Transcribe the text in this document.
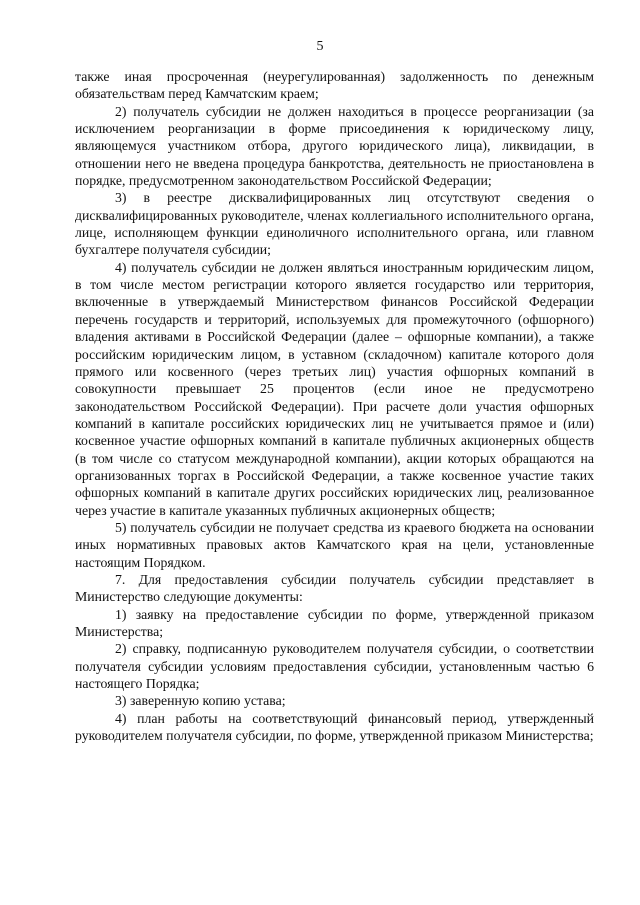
5

также иная просроченная (неурегулированная) задолженность по денежным обязательствам перед Камчатским краем;

2) получатель субсидии не должен находиться в процессе реорганизации (за исключением реорганизации в форме присоединения к юридическому лицу, являющемуся участником отбора, другого юридического лица), ликвидации, в отношении него не введена процедура банкротства, деятельность не приостановлена в порядке, предусмотренном законодательством Российской Федерации;

3) в реестре дисквалифицированных лиц отсутствуют сведения о дисквалифицированных руководителе, членах коллегиального исполнительного органа, лице, исполняющем функции единоличного исполнительного органа, или главном бухгалтере получателя субсидии;

4) получатель субсидии не должен являться иностранным юридическим лицом, в том числе местом регистрации которого является государство или территория, включенные в утверждаемый Министерством финансов Российской Федерации перечень государств и территорий, используемых для промежуточного (офшорного) владения активами в Российской Федерации (далее – офшорные компании), а также российским юридическим лицом, в уставном (складочном) капитале которого доля прямого или косвенного (через третьих лиц) участия офшорных компаний в совокупности превышает 25 процентов (если иное не предусмотрено законодательством Российской Федерации). При расчете доли участия офшорных компаний в капитале российских юридических лиц не учитывается прямое и (или) косвенное участие офшорных компаний в капитале публичных акционерных обществ (в том числе со статусом международной компании), акции которых обращаются на организованных торгах в Российской Федерации, а также косвенное участие таких офшорных компаний в капитале других российских юридических лиц, реализованное через участие в капитале указанных публичных акционерных обществ;

5) получатель субсидии не получает средства из краевого бюджета на основании иных нормативных правовых актов Камчатского края на цели, установленные настоящим Порядком.

7. Для предоставления субсидии получатель субсидии представляет в Министерство следующие документы:

1) заявку на предоставление субсидии по форме, утвержденной приказом Министерства;

2) справку, подписанную руководителем получателя субсидии, о соответствии получателя субсидии условиям предоставления субсидии, установленным частью 6 настоящего Порядка;

3) заверенную копию устава;

4) план работы на соответствующий финансовый период, утвержденный руководителем получателя субсидии, по форме, утвержденной приказом Министерства;
